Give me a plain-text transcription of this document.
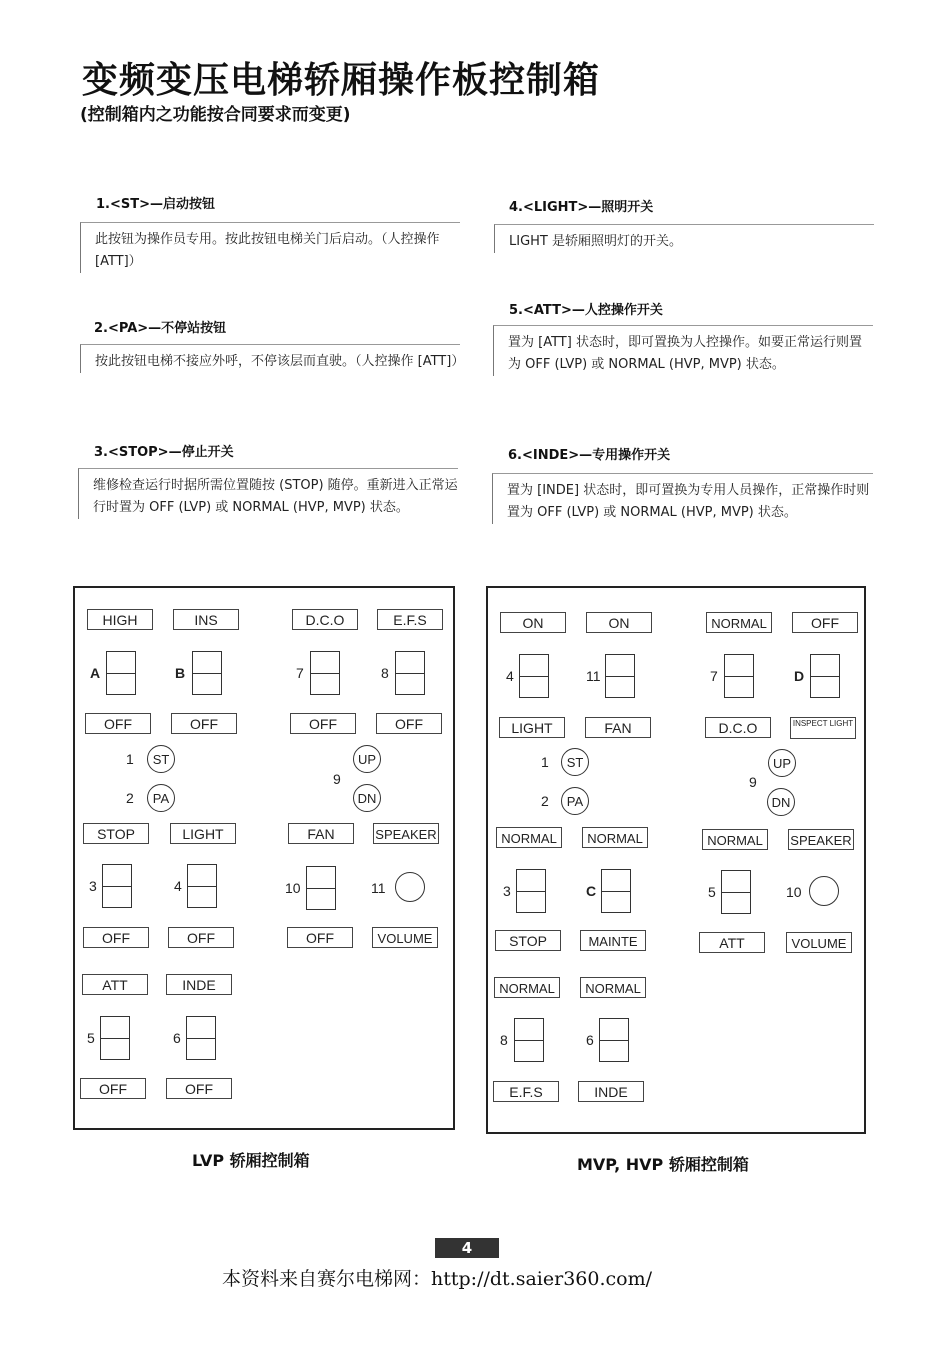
变频变压电梯轿厢操作板控制箱
(控制箱内之功能按合同要求而变更)
1.<ST>—启动按钮
此按钮为操作员专用。按此按钮电梯关门后启动。（人控操作 [ATT]）
2.<PA>—不停站按钮
按此按钮电梯不接应外呼，不停该层而直驶。（人控操作 [ATT]）
3.<STOP>—停止开关
维修检查运行时据所需位置随按 (STOP) 随停。重新进入正常运行时置为 OFF (LVP) 或 NORMAL (HVP, MVP) 状态。
4.<LIGHT>—照明开关
LIGHT 是轿厢照明灯的开关。
5.<ATT>—人控操作开关
置为 [ATT] 状态时，即可置换为人控操作。如要正常运行则置为 OFF (LVP) 或 NORMAL (HVP, MVP) 状态。
6.<INDE>—专用操作开关
置为 [INDE] 状态时，即可置换为专用人员操作，正常操作时则置为 OFF (LVP) 或 NORMAL (HVP, MVP) 状态。
HIGH	INS	D.C.O	E.F.S
A	B	7	8
OFF	OFF	OFF	OFF
1	ST
2	PA
9
UP
DN
STOP	LIGHT	FAN	SPEAKER
3	4	10	11
OFF	OFF	OFF	VOLUME
ATT	INDE
5	6
OFF	OFF
LVP 轿厢控制箱
ON	ON	NORMAL	OFF
4	11	7	D
LIGHT	FAN	D.C.O	INSPECT LIGHT
1	ST
2	PA
9
UP
DN
NORMAL	NORMAL	NORMAL	SPEAKER
3	C	5	10
STOP	MAINTE	ATT	VOLUME
NORMAL	NORMAL
8	6
E.F.S	INDE
MVP, HVP 轿厢控制箱
4
本资料来自赛尔电梯网：http://dt.saier360.com/
